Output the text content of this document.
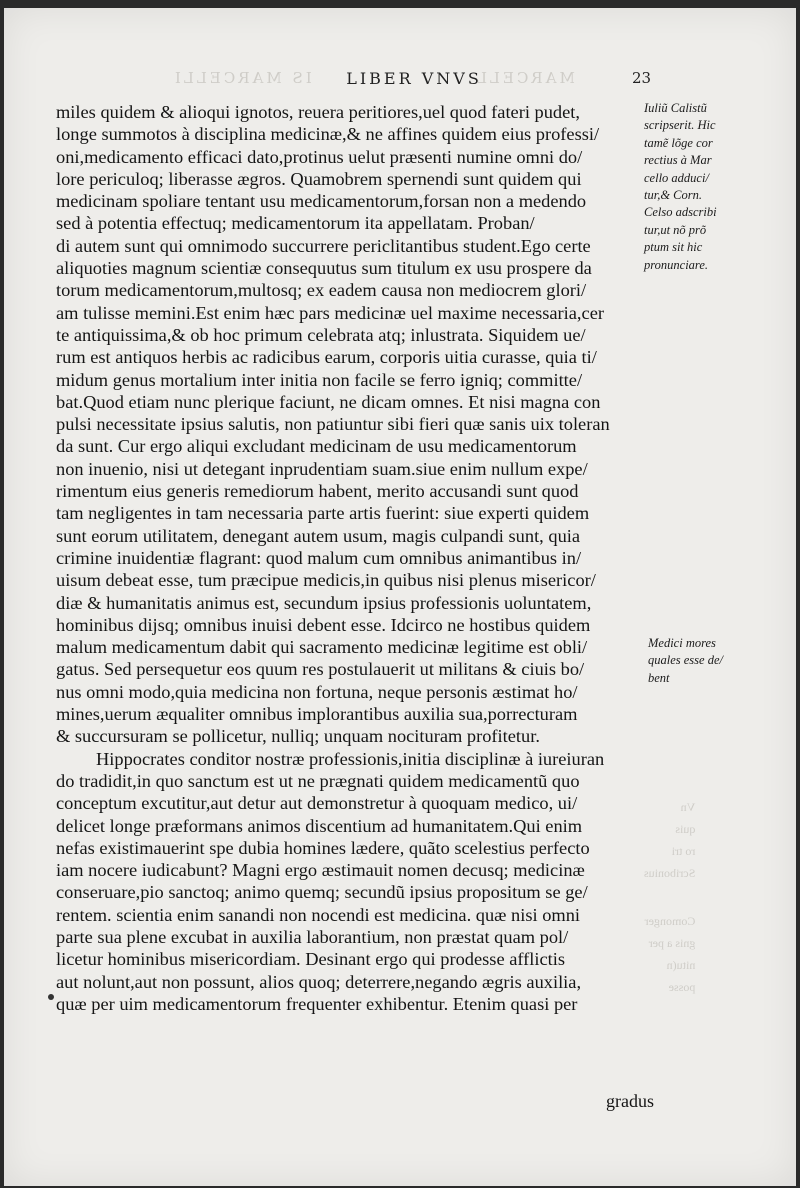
IS MARCELLI	MARCELL
LIBER VNVS	23
miles quidem & alioqui ignotos, reuera peritiores,uel quod fateri pudet,
longe summotos à disciplina medicinæ,& ne affines quidem eius professi/
oni,medicamento efficaci dato,protinus uelut præsenti numine omni do/
lore periculoq; liberasse ægros. Quamobrem spernendi sunt quidem qui
medicinam spoliare tentant usu medicamentorum,forsan non a medendo
sed à potentia effectuq; medicamentorum ita appellatam. Proban/
di autem sunt qui omnimodo succurrere periclitantibus student.Ego certe
aliquoties magnum scientiæ consequutus sum titulum ex usu prospere da
torum medicamentorum,multosq; ex eadem causa non mediocrem glori/
am tulisse memini.Est enim hæc pars medicinæ uel maxime necessaria,cer
te antiquissima,& ob hoc primum celebrata atq; inlustrata. Siquidem ue/
rum est antiquos herbis ac radicibus earum, corporis uitia curasse, quia ti/
midum genus mortalium inter initia non facile se ferro igniq; committe/
bat.Quod etiam nunc plerique faciunt, ne dicam omnes. Et nisi magna con
pulsi necessitate ipsius salutis, non patiuntur sibi fieri quæ sanis uix toleran
da sunt. Cur ergo aliqui excludant medicinam de usu medicamentorum
non inuenio, nisi ut detegant inprudentiam suam.siue enim nullum expe/
rimentum eius generis remediorum habent, merito accusandi sunt quod
tam negligentes in tam necessaria parte artis fuerint: siue experti quidem
sunt eorum utilitatem, denegant autem usum, magis culpandi sunt, quia
crimine inuidentiæ flagrant: quod malum cum omnibus animantibus in/
uisum debeat esse, tum præcipue medicis,in quibus nisi plenus misericor/
diæ & humanitatis animus est, secundum ipsius professionis uoluntatem,
hominibus dijsq; omnibus inuisi debent esse. Idcirco ne hostibus quidem
malum medicamentum dabit qui sacramento medicinæ legitime est obli/
gatus. Sed persequetur eos quum res postulauerit ut militans & ciuis bo/
nus omni modo,quia medicina non fortuna, neque personis æstimat ho/
mines,uerum æqualiter omnibus implorantibus auxilia sua,porrecturam
& succursuram se pollicetur, nulliq; unquam nocituram profitetur.
Hippocrates conditor nostræ professionis,initia disciplinæ à iureiuran
do tradidit,in quo sanctum est ut ne prægnati quidem medicamentũ quo
conceptum excutitur,aut detur aut demonstretur à quoquam medico, ui/
delicet longe præformans animos discentium ad humanitatem.Qui enim
nefas existimauerint spe dubia homines lædere, quãto scelestius perfecto
iam nocere iudicabunt? Magni ergo æstimauit nomen decusq; medicinæ
conseruare,pio sanctoq; animo quemq; secundũ ipsius propositum se ge/
rentem. scientia enim sanandi non nocendi est medicina. quæ nisi omni
parte sua plene excubat in auxilia laborantium, non præstat quam pol/
licetur hominibus misericordiam. Desinant ergo qui prodesse afflictis
aut nolunt,aut non possunt, alios quoq; deterrere,negando ægris auxilia,
quæ per uim medicamentorum frequenter exhibentur. Etenim quasi per
gradus
Iuliũ Calistũ
scripserit. Hic
tamẽ lõge cor
rectius à Mar
cello adduci/
tur,& Corn.
Celso adscribi
tur,ut nõ prõ
ptum sit hic
pronunciare.
Medici mores
quales esse de/
bent
Vn
quis
ro tri
Scribonius
Comonger
gnis a per
nitu(n
posse
